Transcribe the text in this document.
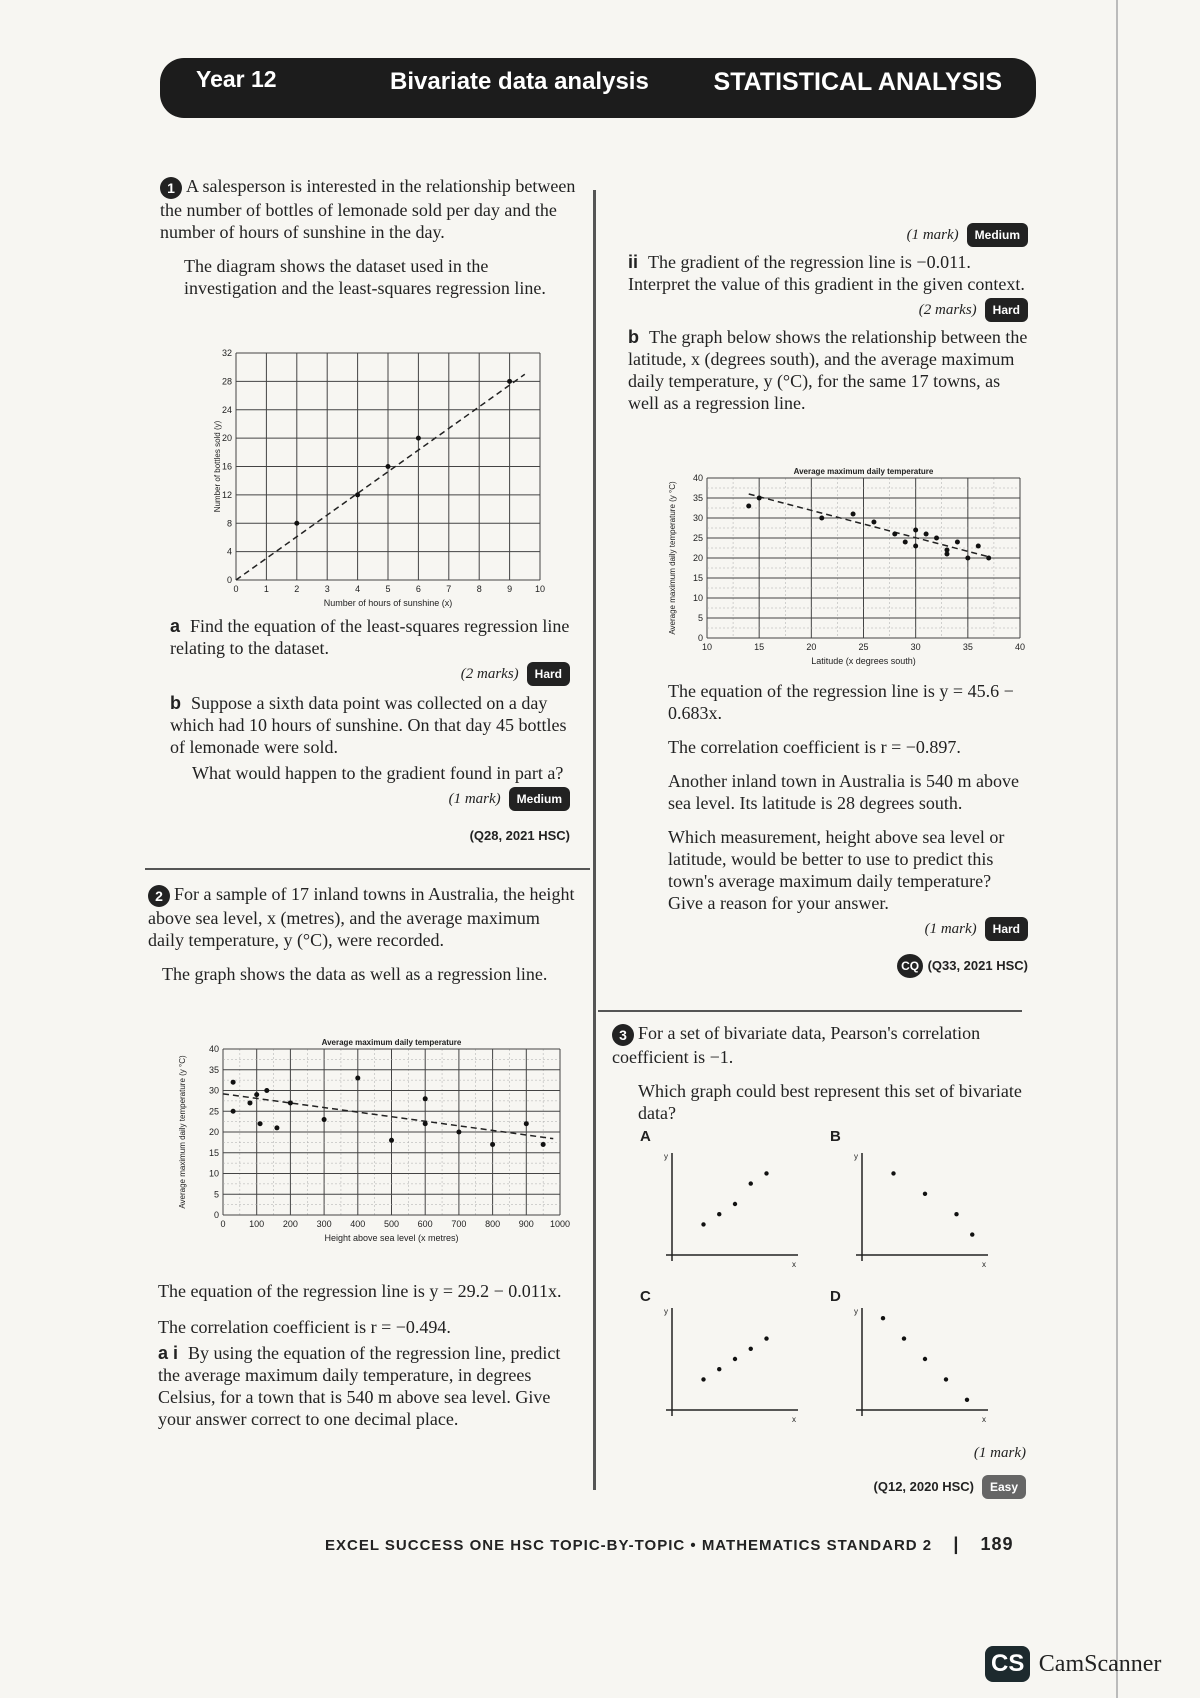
Year 12	Bivariate data analysis	STATISTICAL ANALYSIS

1 A salesperson is interested in the relationship between the number of bottles of lemonade sold per day and the number of hours of sunshine in the day.

The diagram shows the dataset used in the investigation and the least-squares regression line.

0	1	2	3	4	5	6	7	8	9	10
0
4
8
12
16
20
24
28
32
Number of hours of sunshine (x)
Number of bottles sold (y)

a Find the equation of the least-squares regression line relating to the dataset.

(2 marks) Hard

b Suppose a sixth data point was collected on a day which had 10 hours of sunshine. On that day 45 bottles of lemonade were sold.

What would happen to the gradient found in part a?

(1 mark) Medium

(Q28, 2021 HSC)

2 For a sample of 17 inland towns in Australia, the height above sea level, x (metres), and the average maximum daily temperature, y (°C), were recorded.

The graph shows the data as well as a regression line.

0	100 200 300 400 500 600 700 800 900 1000
0
5
10
15
20
25
30
35
40
Average maximum daily temperature
Height above sea level (x metres)
Average maximum daily temperature (y °C)

The equation of the regression line is y = 29.2 − 0.011x.

The correlation coefficient is r = −0.494.

a i By using the equation of the regression line, predict the average maximum daily temperature, in degrees Celsius, for a town that is 540 m above sea level. Give your answer correct to one decimal place.

(1 mark) Medium

ii The gradient of the regression line is −0.011. Interpret the value of this gradient in the given context.

(2 marks) Hard

b The graph below shows the relationship between the latitude, x (degrees south), and the average maximum daily temperature, y (°C), for the same 17 towns, as well as a regression line.

10	15	20	25	30	35	40
0
5
10
15
20
25
30
35
40
Average maximum daily temperature
Latitude (x degrees south)
Average maximum daily temperature (y °C)

The equation of the regression line is y = 45.6 − 0.683x.

The correlation coefficient is r = −0.897.

Another inland town in Australia is 540 m above sea level. Its latitude is 28 degrees south.

Which measurement, height above sea level or latitude, would be better to use to predict this town's average maximum daily temperature? Give a reason for your answer.

(1 mark) Hard

CQ (Q33, 2021 HSC)

3 For a set of bivariate data, Pearson's correlation coefficient is −1.

Which graph could best represent this set of bivariate data?

A	B
C	D
y
x
y
x
y
x
y
x

(1 mark)

(Q12, 2020 HSC) Easy

EXCEL SUCCESS ONE HSC TOPIC-BY-TOPIC • MATHEMATICS STANDARD 2 | 189
CS CamScanner
